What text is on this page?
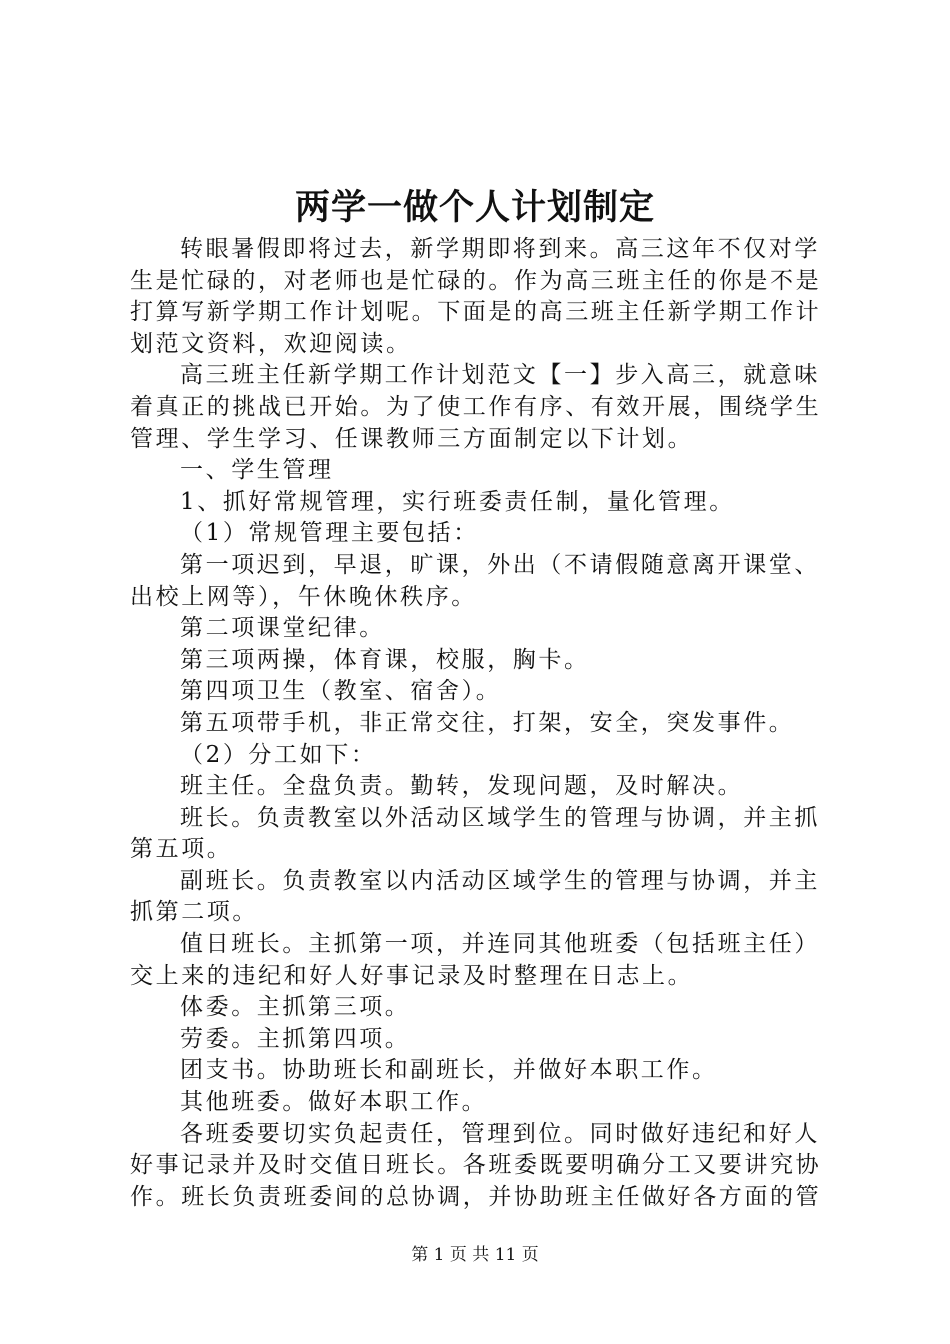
两学一做个人计划制定

转眼暑假即将过去，新学期即将到来。高三这年不仅对学生是忙碌的，对老师也是忙碌的。作为高三班主任的你是不是打算写新学期工作计划呢。下面是的高三班主任新学期工作计划范文资料，欢迎阅读。

高三班主任新学期工作计划范文【一】步入高三，就意味着真正的挑战已开始。为了使工作有序、有效开展，围绕学生管理、学生学习、任课教师三方面制定以下计划。

一、学生管理

1、抓好常规管理，实行班委责任制，量化管理。

（1）常规管理主要包括：

第一项迟到，早退，旷课，外出（不请假随意离开课堂、出校上网等），午休晚休秩序。

第二项课堂纪律。

第三项两操，体育课，校服，胸卡。

第四项卫生（教室、宿舍）。

第五项带手机，非正常交往，打架，安全，突发事件。

（2）分工如下：

班主任。全盘负责。勤转，发现问题，及时解决。

班长。负责教室以外活动区域学生的管理与协调，并主抓第五项。

副班长。负责教室以内活动区域学生的管理与协调，并主抓第二项。

值日班长。主抓第一项，并连同其他班委（包括班主任）交上来的违纪和好人好事记录及时整理在日志上。

体委。主抓第三项。

劳委。主抓第四项。

团支书。协助班长和副班长，并做好本职工作。

其他班委。做好本职工作。

各班委要切实负起责任，管理到位。同时做好违纪和好人好事记录并及时交值日班长。各班委既要明确分工又要讲究协作。班长负责班委间的总协调，并协助班主任做好各方面的管

第 1 页 共 11 页
